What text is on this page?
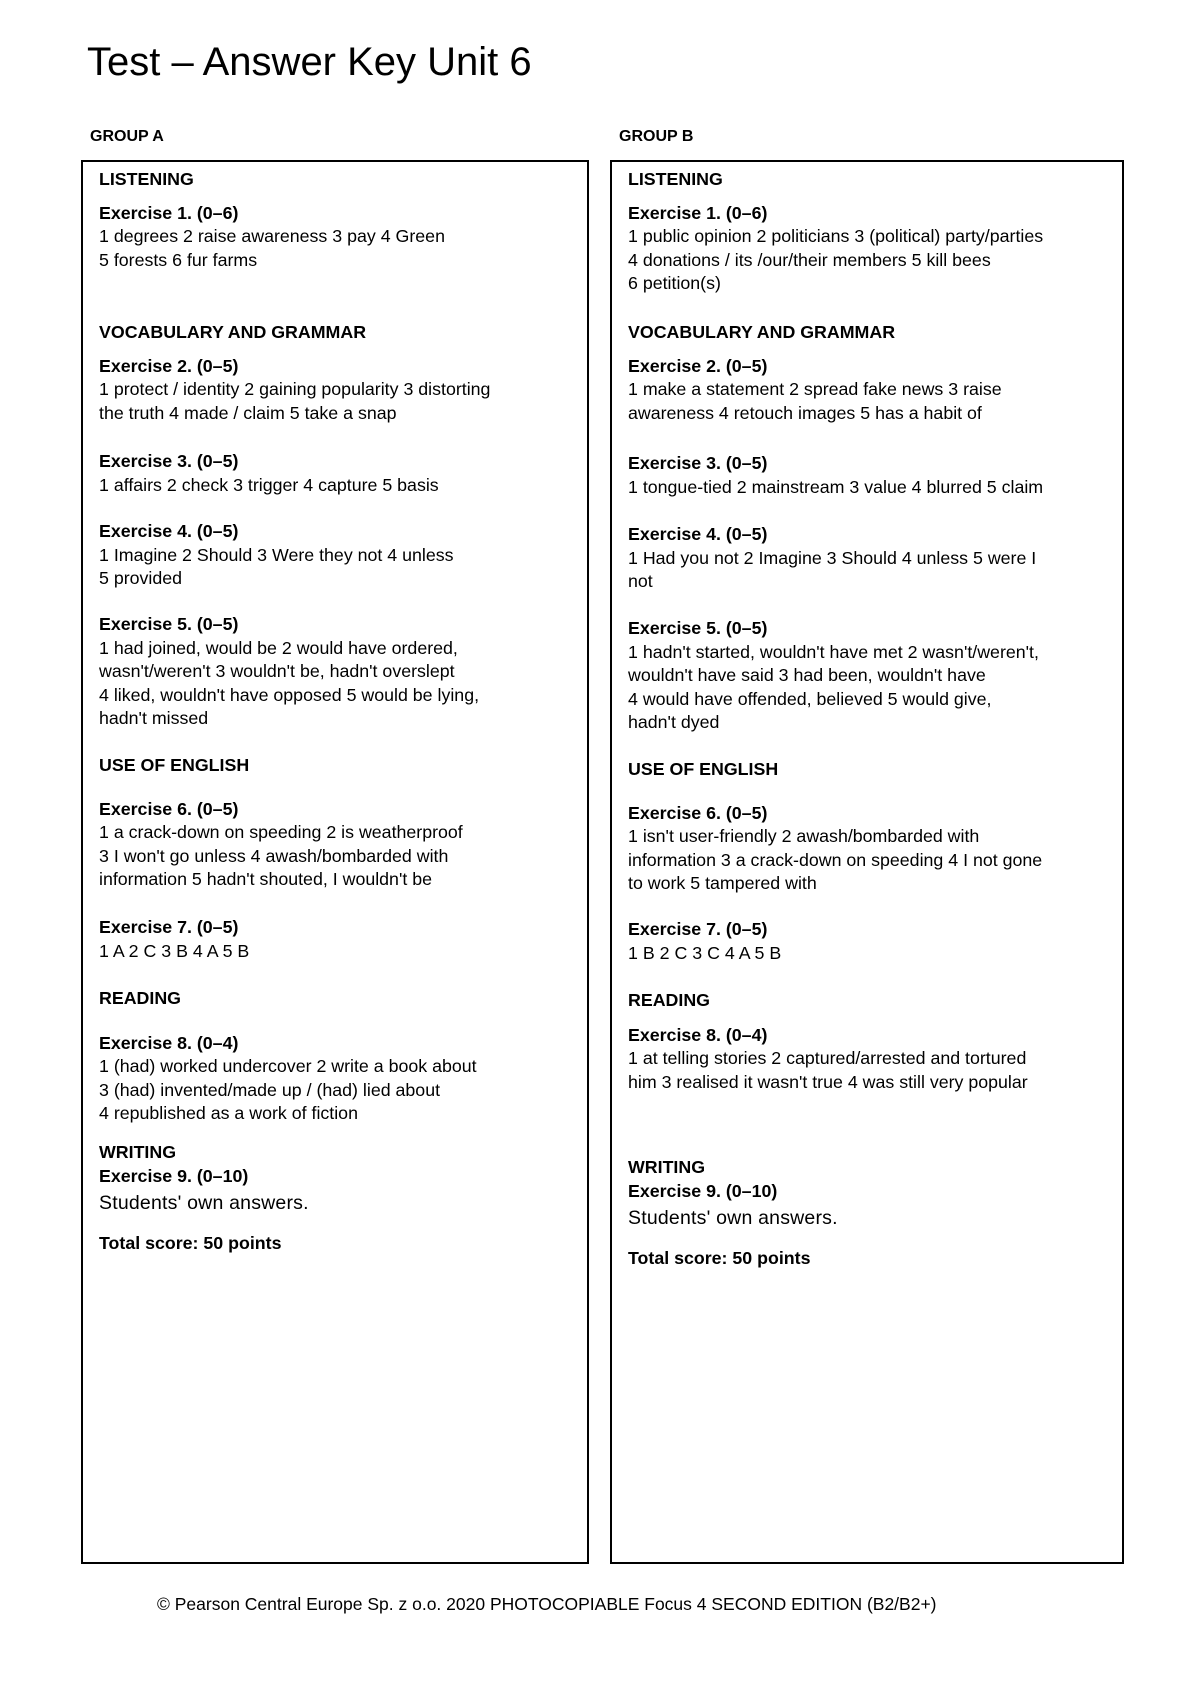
Test – Answer Key Unit 6
GROUP A	GROUP B
LISTENING
Exercise 1. (0–6)
1 degrees 2 raise awareness 3 pay 4 Green
5 forests 6 fur farms
VOCABULARY AND GRAMMAR
Exercise 2. (0–5)
1 protect / identity 2 gaining popularity 3 distorting
the truth 4 made / claim 5 take a snap
Exercise 3. (0–5)
1 affairs 2 check 3 trigger 4 capture 5 basis
Exercise 4. (0–5)
1 Imagine 2 Should 3 Were they not 4 unless
5 provided
Exercise 5. (0–5)
1 had joined, would be 2 would have ordered,
wasn't/weren't 3 wouldn't be, hadn't overslept
4 liked, wouldn't have opposed 5 would be lying,
hadn't missed
USE OF ENGLISH
Exercise 6. (0–5)
1 a crack-down on speeding 2 is weatherproof
3 I won't go unless 4 awash/bombarded with
information 5 hadn't shouted, I wouldn't be
Exercise 7. (0–5)
1 A 2 C 3 B 4 A 5 B
READING
Exercise 8. (0–4)
1 (had) worked undercover 2 write a book about
3 (had) invented/made up / (had) lied about
4 republished as a work of fiction
WRITING
Exercise 9. (0–10)
Students' own answers.
Total score: 50 points
LISTENING
Exercise 1. (0–6)
1 public opinion 2 politicians 3 (political) party/parties
4 donations / its /our/their members 5 kill bees
6 petition(s)
VOCABULARY AND GRAMMAR
Exercise 2. (0–5)
1 make a statement 2 spread fake news 3 raise
awareness 4 retouch images 5 has a habit of
Exercise 3. (0–5)
1 tongue-tied 2 mainstream 3 value 4 blurred 5 claim
Exercise 4. (0–5)
1 Had you not 2 Imagine 3 Should 4 unless 5 were I
not
Exercise 5. (0–5)
1 hadn't started, wouldn't have met 2 wasn't/weren't,
wouldn't have said 3 had been, wouldn't have
4 would have offended, believed 5 would give,
hadn't dyed
USE OF ENGLISH
Exercise 6. (0–5)
1 isn't user-friendly 2 awash/bombarded with
information 3 a crack-down on speeding 4 I not gone
to work 5 tampered with
Exercise 7. (0–5)
1 B 2 C 3 C 4 A 5 B
READING
Exercise 8. (0–4)
1 at telling stories 2 captured/arrested and tortured
him 3 realised it wasn't true 4 was still very popular
WRITING
Exercise 9. (0–10)
Students' own answers.
Total score: 50 points
© Pearson Central Europe Sp. z o.o. 2020 PHOTOCOPIABLE Focus 4 SECOND EDITION (B2/B2+)
